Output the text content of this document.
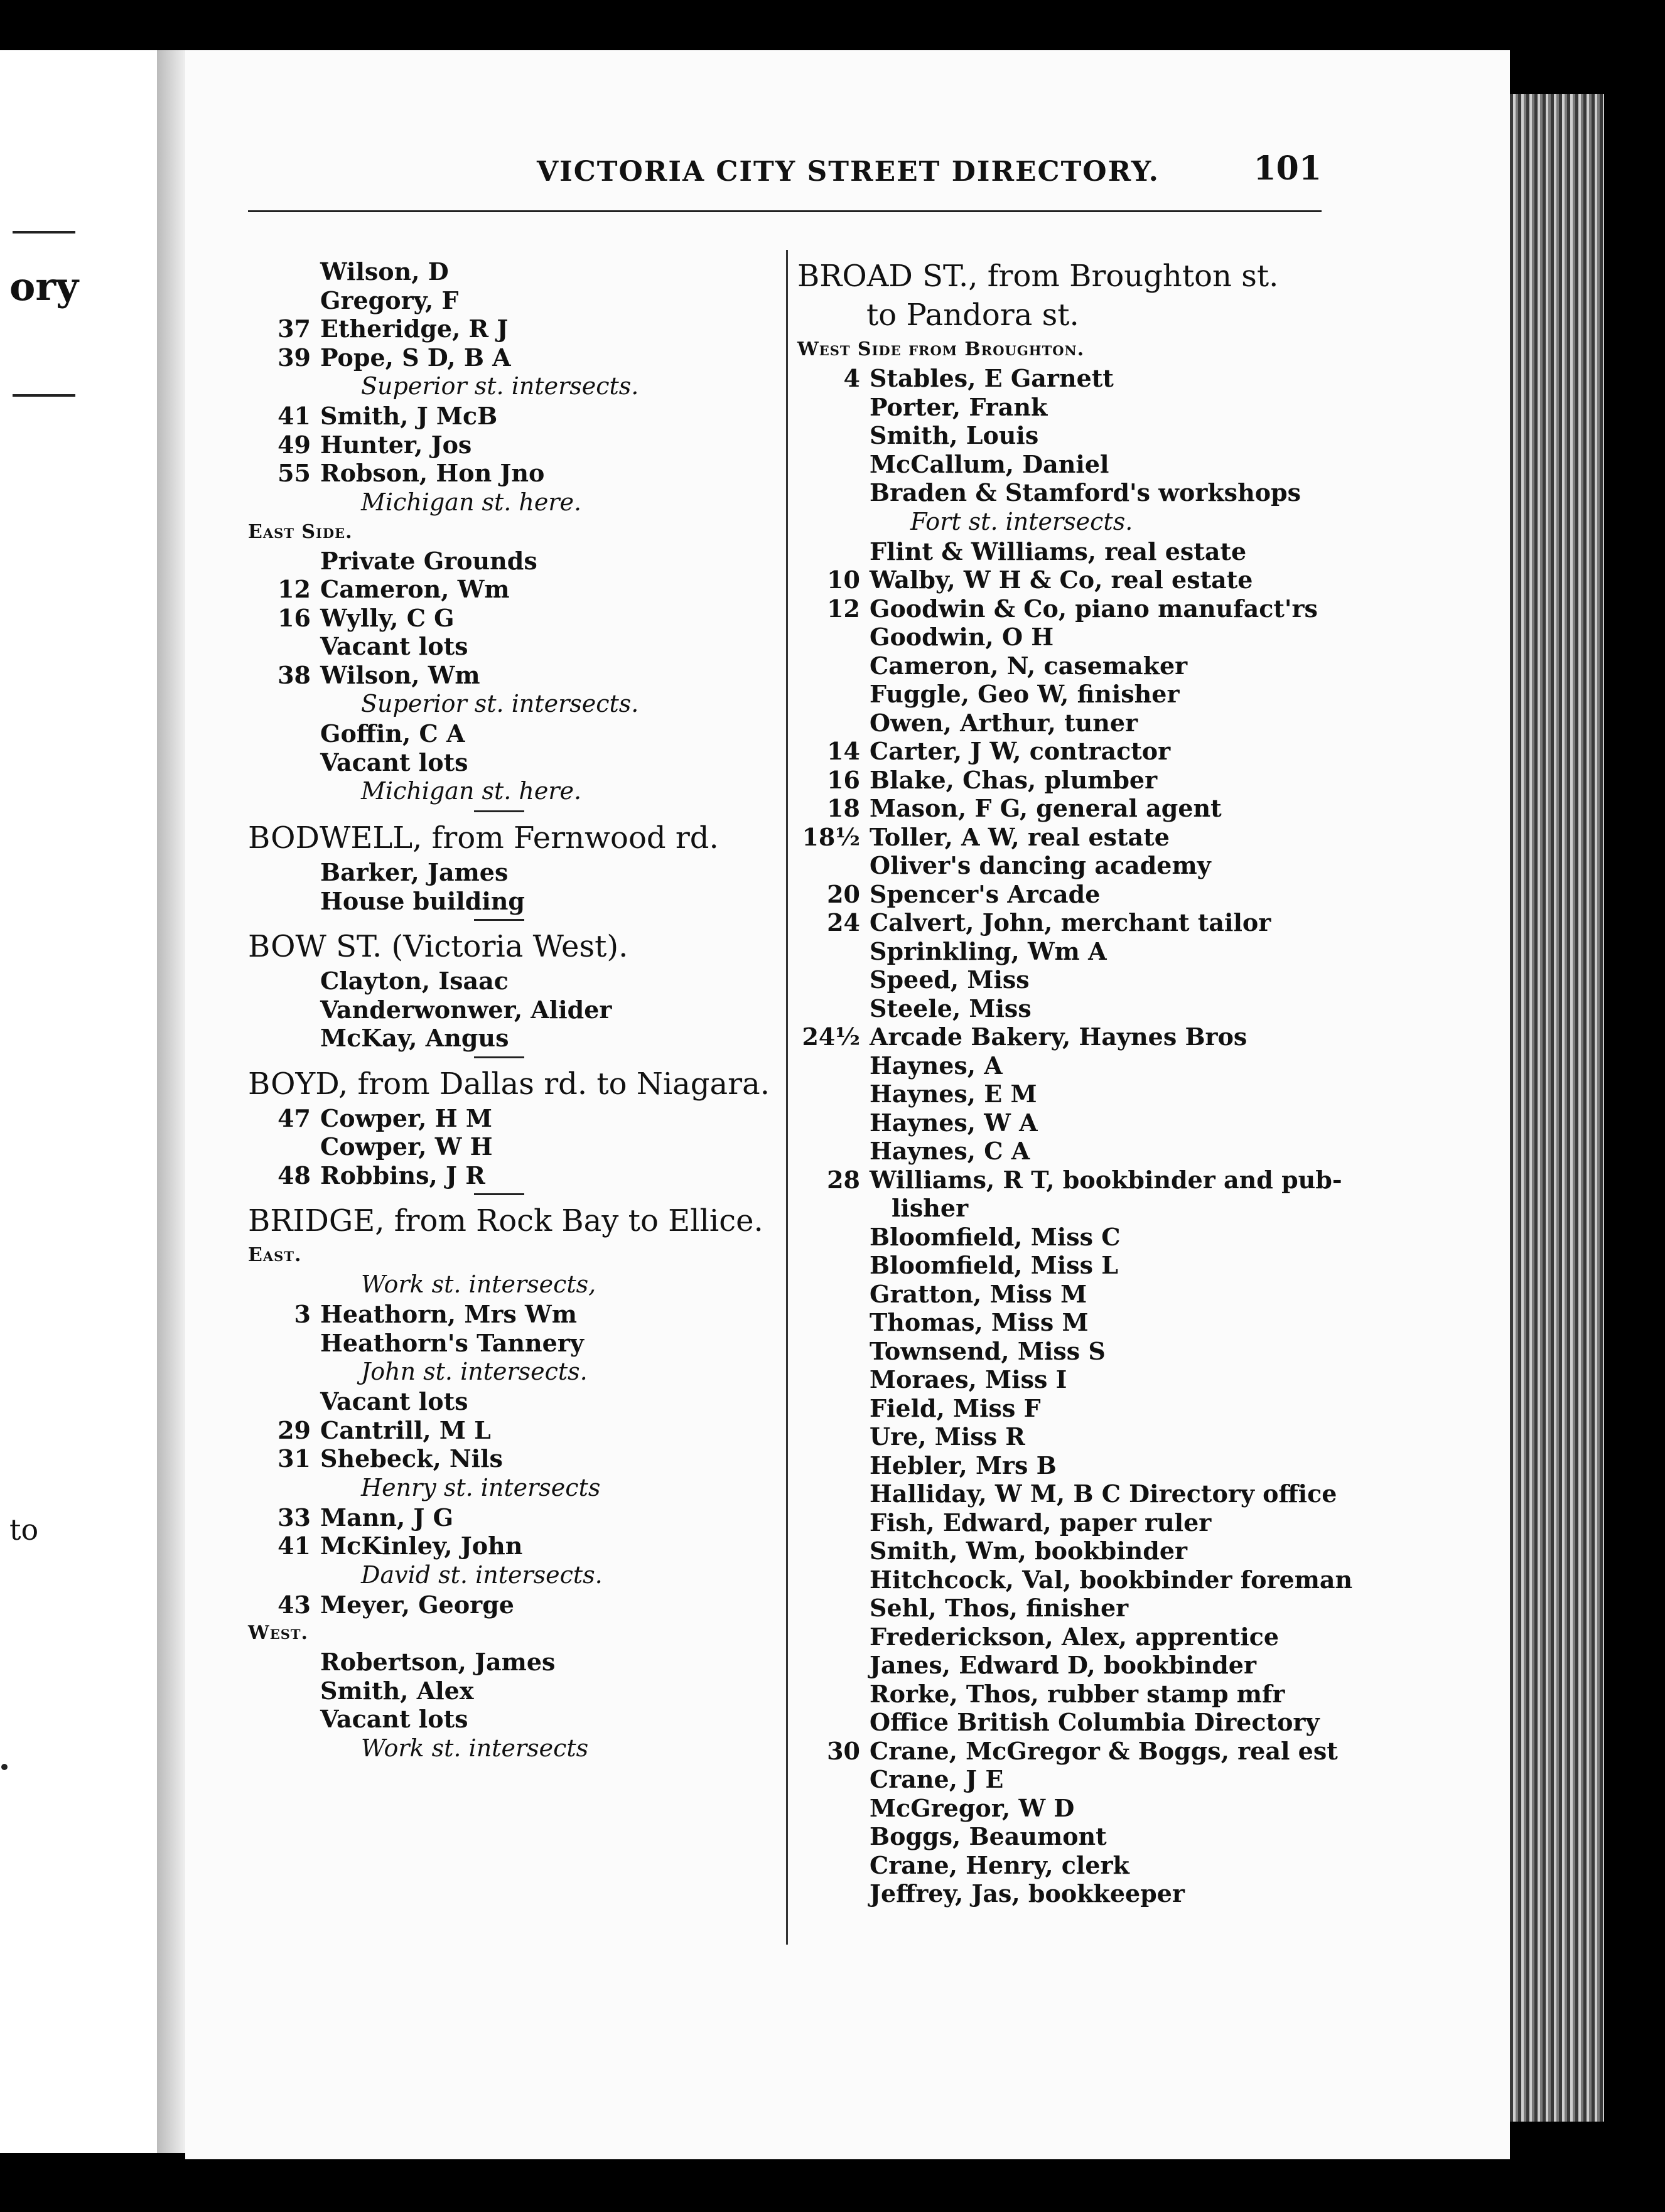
ory
to
VICTORIA CITY STREET DIRECTORY.	101
Wilson, D
Gregory, F
37 Etheridge, R J
39 Pope, S D, B A
Superior st. intersects.
41 Smith, J McB
49 Hunter, Jos
55 Robson, Hon Jno
Michigan st. here.
East Side.
Private Grounds
12 Cameron, Wm
16 Wylly, C G
Vacant lots
38 Wilson, Wm
Superior st. intersects.
Goffin, C A
Vacant lots
Michigan st. here.
BODWELL, from Fernwood rd.
Barker, James
House building
BOW ST. (Victoria West).
Clayton, Isaac
Vanderwonwer, Alider
McKay, Angus
BOYD, from Dallas rd. to Niagara.
47 Cowper, H M
Cowper, W H
48 Robbins, J R
BRIDGE, from Rock Bay to Ellice.
East.
Work st. intersects,
3 Heathorn, Mrs Wm
Heathorn's Tannery
John st. intersects.
Vacant lots
29 Cantrill, M L
31 Shebeck, Nils
Henry st. intersects
33 Mann, J G
41 McKinley, John
David st. intersects.
43 Meyer, George
West.
Robertson, James
Smith, Alex
Vacant lots
Work st. intersects
BROAD ST., from Broughton st.
to Pandora st.
West Side from Broughton.
4 Stables, E Garnett
Porter, Frank
Smith, Louis
McCallum, Daniel
Braden & Stamford's workshops
Fort st. intersects.
Flint & Williams, real estate
10 Walby, W H & Co, real estate
12 Goodwin & Co, piano manufact'rs
Goodwin, O H
Cameron, N, casemaker
Fuggle, Geo W, finisher
Owen, Arthur, tuner
14 Carter, J W, contractor
16 Blake, Chas, plumber
18 Mason, F G, general agent
18½ Toller, A W, real estate
Oliver's dancing academy
20 Spencer's Arcade
24 Calvert, John, merchant tailor
Sprinkling, Wm A
Speed, Miss
Steele, Miss
24½ Arcade Bakery, Haynes Bros
Haynes, A
Haynes, E M
Haynes, W A
Haynes, C A
28 Williams, R T, bookbinder and pub-
lisher
Bloomfield, Miss C
Bloomfield, Miss L
Gratton, Miss M
Thomas, Miss M
Townsend, Miss S
Moraes, Miss I
Field, Miss F
Ure, Miss R
Hebler, Mrs B
Halliday, W M, B C Directory office
Fish, Edward, paper ruler
Smith, Wm, bookbinder
Hitchcock, Val, bookbinder foreman
Sehl, Thos, finisher
Frederickson, Alex, apprentice
Janes, Edward D, bookbinder
Rorke, Thos, rubber stamp mfr
Office British Columbia Directory
30 Crane, McGregor & Boggs, real est
Crane, J E
McGregor, W D
Boggs, Beaumont
Crane, Henry, clerk
Jeffrey, Jas, bookkeeper
